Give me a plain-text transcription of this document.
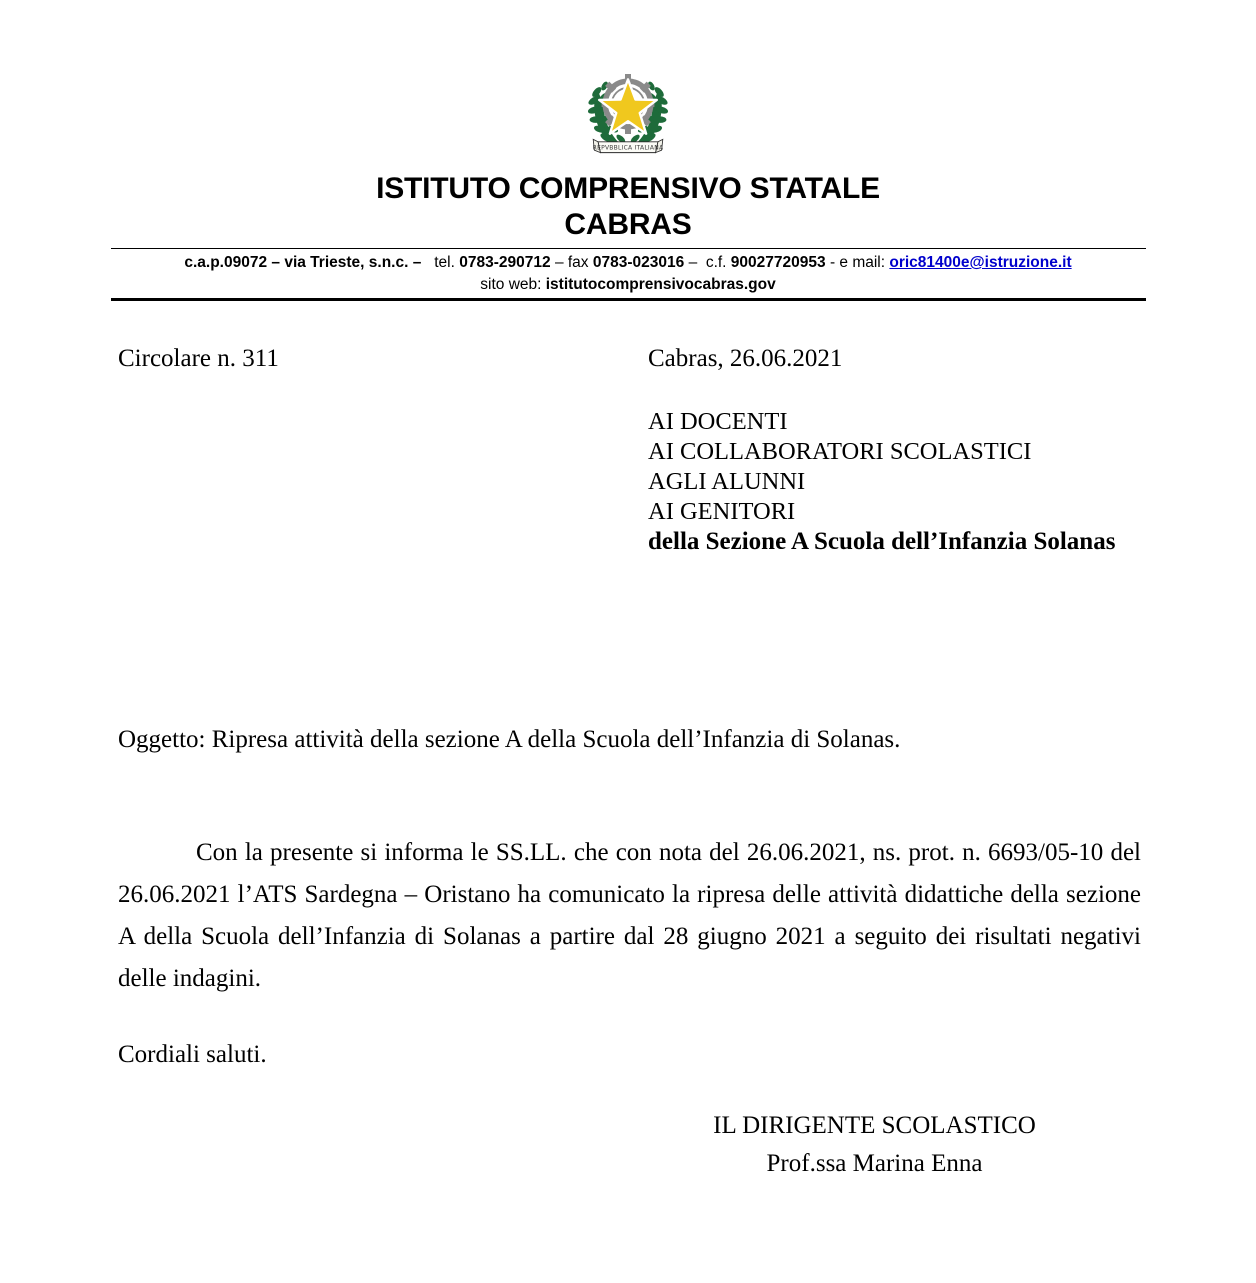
REPVBBLICA ITALIANA
ISTITUTO COMPRENSIVO STATALE
CABRAS
c.a.p.09072 – via Trieste, s.n.c. – tel. 0783-290712 – fax 0783-023016 – c.f. 90027720953 - e mail: oric81400e@istruzione.it
sito web: istitutocomprensivocabras.gov
Circolare n. 311	Cabras, 26.06.2021
AI DOCENTI
AI COLLABORATORI SCOLASTICI
AGLI ALUNNI
AI GENITORI
della Sezione A Scuola dell’Infanzia Solanas
Oggetto: Ripresa attività della sezione A della Scuola dell’Infanzia di Solanas.
Con la presente si informa le SS.LL. che con nota del 26.06.2021, ns. prot. n. 6693/05-10 del 26.06.2021 l’ATS Sardegna – Oristano ha comunicato la ripresa delle attività didattiche della sezione A della Scuola dell’Infanzia di Solanas a partire dal 28 giugno 2021 a seguito dei risultati negativi delle indagini.
Cordiali saluti.
IL DIRIGENTE SCOLASTICO
Prof.ssa Marina Enna
